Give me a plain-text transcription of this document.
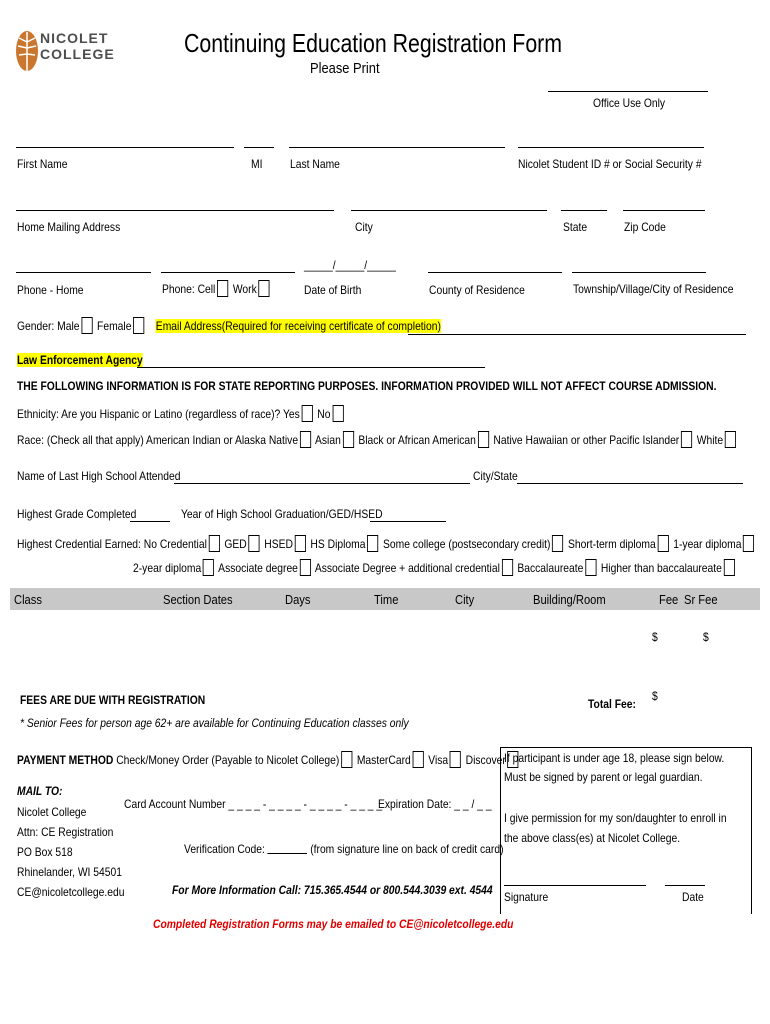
NICOLET
COLLEGE	Continuing Education Registration Form
Please Print
Office Use Only
First Name	MI Last Name	Nicolet Student ID # or Social Security #
Home Mailing Address	City	State	Zip Code
_____/_____/_____
Phone - Home	Phone: Cell Work	Date of Birth	County of Residence	Township/Village/City of Residence
Gender: Male Female Email Address(Required for receiving certificate of completion)
Law Enforcement Agency
THE FOLLOWING INFORMATION IS FOR STATE REPORTING PURPOSES. INFORMATION PROVIDED WILL NOT AFFECT COURSE ADMISSION.
Ethnicity: Are you Hispanic or Latino (regardless of race)? Yes No
Race: (Check all that apply) American Indian or Alaska Native Asian Black or African American Native Hawaiian or other Pacific Islander White
Name of Last High School Attended	City/State
Highest Grade Completed	Year of High School Graduation/GED/HSED
Highest Credential Earned: No Credential GED HSED HS Diploma Some college (postsecondary credit) Short-term diploma 1-year diploma
2-year diploma Associate degree Associate Degree + additional credential Baccalaureate Higher than baccalaureate
Class	Section Dates	Days	Time	City	Building/Room	Fee Sr Fee
$	$
FEES ARE DUE WITH REGISTRATION
* Senior Fees for person age 62+ are available for Continuing Education classes only
Total Fee:
$
PAYMENT METHOD Check/Money Order (Payable to Nicolet College) MasterCard Visa Discover
MAIL TO:
Nicolet College
Attn: CE Registration
PO Box 518
Rhinelander, WI 54501
CE@nicoletcollege.edu
Card Account Number _ _ _ _ - _ _ _ _ - _ _ _ _ - _ _ _ _
Expiration Date: _ _ / _ _
Verification Code:	(from signature line on back of credit card)
For More Information Call: 715.365.4544 or 800.544.3039 ext. 4544
If participant is under age 18, please sign below.
Must be signed by parent or legal guardian.
I give permission for my son/daughter to enroll in
the above class(es) at Nicolet College.
Signature	Date
Completed Registration Forms may be emailed to CE@nicoletcollege.edu
